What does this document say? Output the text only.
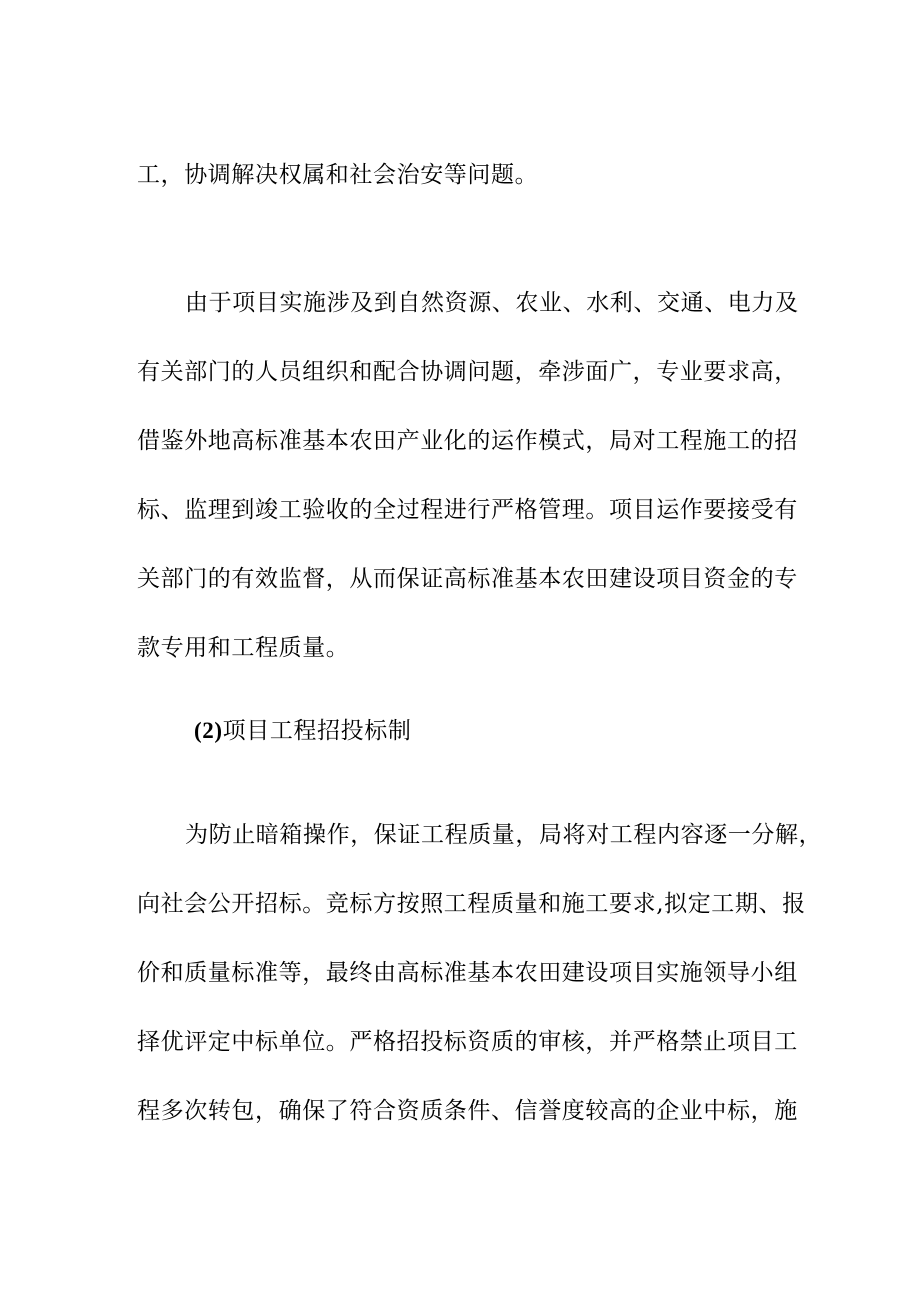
工，协调解决权属和社会治安等问题。
由于项目实施涉及到自然资源、农业、水利、交通、电力及
有关部门的人员组织和配合协调问题，牵涉面广，专业要求高，
借鉴外地高标准基本农田产业化的运作模式，局对工程施工的招
标、监理到竣工验收的全过程进行严格管理。项目运作要接受有
关部门的有效监督，从而保证高标准基本农田建设项目资金的专
款专用和工程质量。
(2)项目工程招投标制
为防止暗箱操作，保证工程质量，局将对工程内容逐一分解，
向社会公开招标。竞标方按照工程质量和施工要求,拟定工期、报
价和质量标准等，最终由高标准基本农田建设项目实施领导小组
择优评定中标单位。严格招投标资质的审核，并严格禁止项目工
程多次转包，确保了符合资质条件、信誉度较高的企业中标，施
